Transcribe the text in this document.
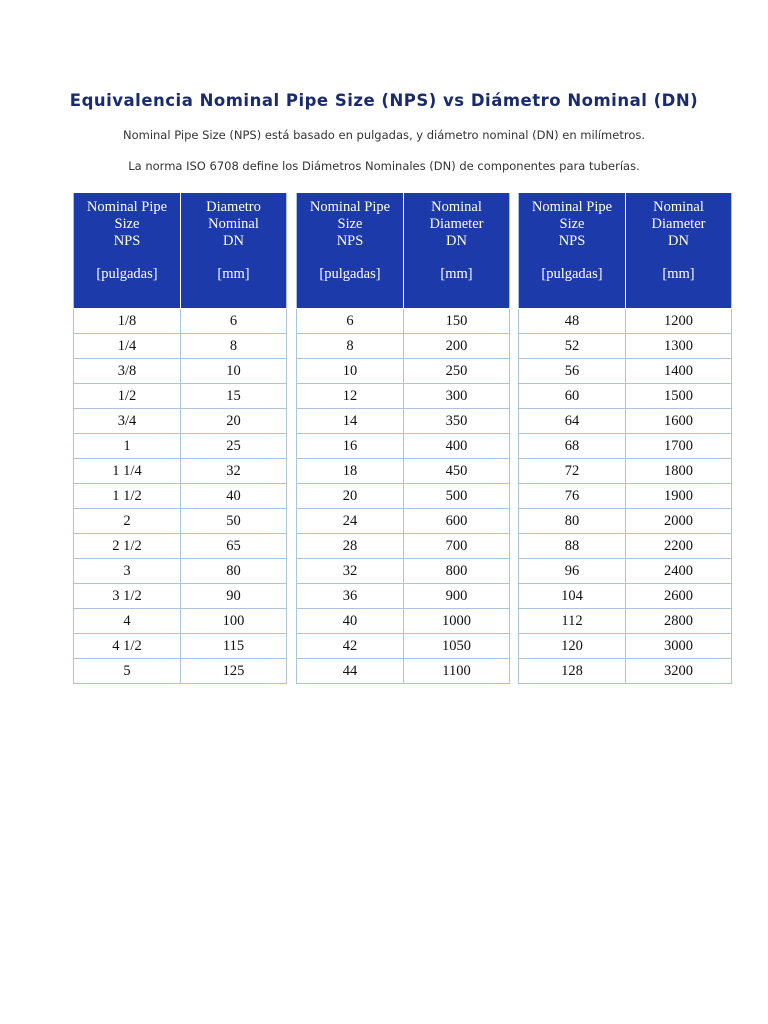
Equivalencia Nominal Pipe Size (NPS) vs Diámetro Nominal (DN)
Nominal Pipe Size (NPS) está basado en pulgadas, y diámetro nominal (DN) en milímetros.
La norma ISO 6708 define los Diámetros Nominales (DN) de componentes para tuberías.
Nominal Pipe Size
NPS
[pulgadas]	Diametro Nominal
DN
[mm]

1/8	6
1/4	8
3/8	10
1/2	15
3/4	20
1	25
1 1/4	32
1 1/2	40
2	50
2 1/2	65
3	80
3 1/2	90
4	100
4 1/2	115
5	125
Nominal Pipe Size
NPS
[pulgadas]	Nominal Diameter
DN
[mm]

6	150
8	200
10	250
12	300
14	350
16	400
18	450
20	500
24	600
28	700
32	800
36	900
40	1000
42	1050
44	1100
Nominal Pipe Size
NPS
[pulgadas]	Nominal Diameter
DN
[mm]

48	1200
52	1300
56	1400
60	1500
64	1600
68	1700
72	1800
76	1900
80	2000
88	2200
96	2400
104	2600
112	2800
120	3000
128	3200
